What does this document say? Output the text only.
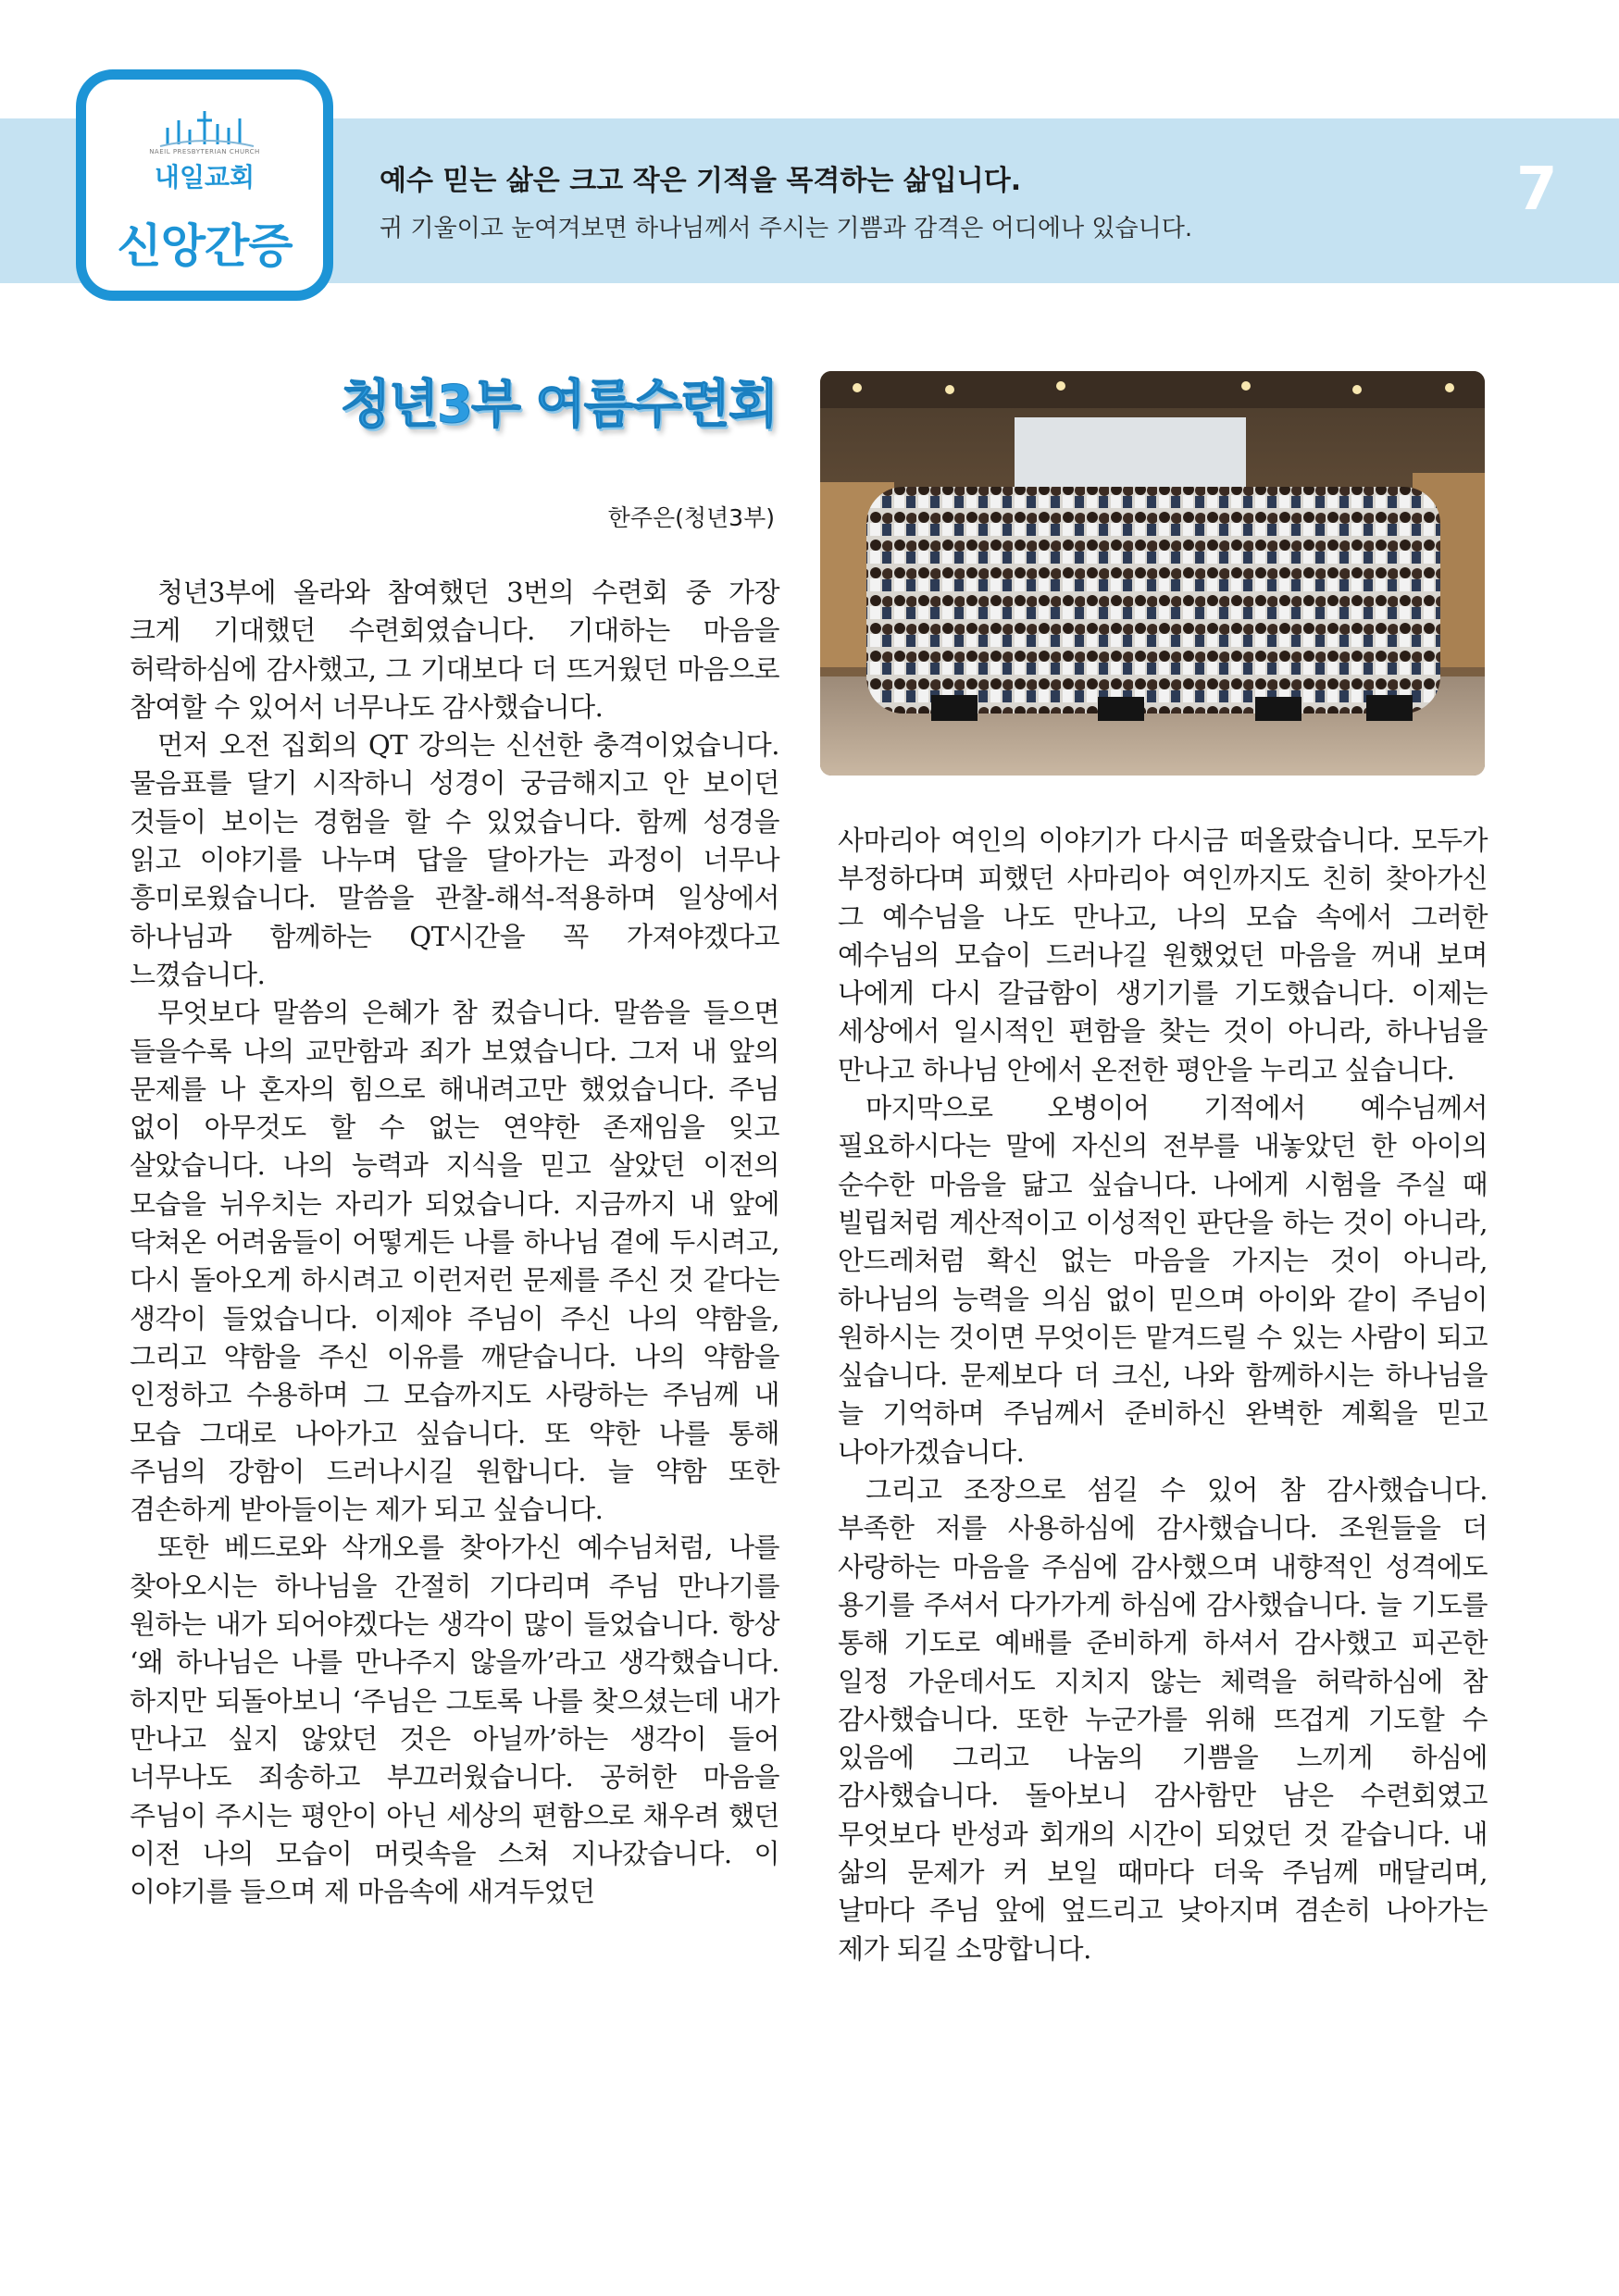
NAEIL PRESBYTERIAN CHURCH
내일교회
신앙간증
예수 믿는 삶은 크고 작은 기적을 목격하는 삶입니다.
귀 기울이고 눈여겨보면 하나님께서 주시는 기쁨과 감격은 어디에나 있습니다.
7
청년3부 여름수련회
한주은(청년3부)

청년3부에 올라와 참여했던 3번의 수련회 중 가장 크게 기대했던 수련회였습니다. 기대하는 마음을 허락하심에 감사했고, 그 기대보다 더 뜨거웠던 마음으로 참여할 수 있어서 너무나도 감사했습니다.

먼저 오전 집회의 QT 강의는 신선한 충격이었습니다. 물음표를 달기 시작하니 성경이 궁금해지고 안 보이던 것들이 보이는 경험을 할 수 있었습니다. 함께 성경을 읽고 이야기를 나누며 답을 달아가는 과정이 너무나 흥미로웠습니다. 말씀을 관찰-해석-적용하며 일상에서 하나님과 함께하는 QT시간을 꼭 가져야겠다고 느꼈습니다.

무엇보다 말씀의 은혜가 참 컸습니다. 말씀을 들으면 들을수록 나의 교만함과 죄가 보였습니다. 그저 내 앞의 문제를 나 혼자의 힘으로 해내려고만 했었습니다. 주님 없이 아무것도 할 수 없는 연약한 존재임을 잊고 살았습니다. 나의 능력과 지식을 믿고 살았던 이전의 모습을 뉘우치는 자리가 되었습니다. 지금까지 내 앞에 닥쳐온 어려움들이 어떻게든 나를 하나님 곁에 두시려고, 다시 돌아오게 하시려고 이런저런 문제를 주신 것 같다는 생각이 들었습니다. 이제야 주님이 주신 나의 약함을, 그리고 약함을 주신 이유를 깨닫습니다. 나의 약함을 인정하고 수용하며 그 모습까지도 사랑하는 주님께 내 모습 그대로 나아가고 싶습니다. 또 약한 나를 통해 주님의 강함이 드러나시길 원합니다. 늘 약함 또한 겸손하게 받아들이는 제가 되고 싶습니다.

또한 베드로와 삭개오를 찾아가신 예수님처럼, 나를 찾아오시는 하나님을 간절히 기다리며 주님 만나기를 원하는 내가 되어야겠다는 생각이 많이 들었습니다. 항상 ‘왜 하나님은 나를 만나주지 않을까’라고 생각했습니다. 하지만 되돌아보니 ‘주님은 그토록 나를 찾으셨는데 내가 만나고 싶지 않았던 것은 아닐까’하는 생각이 들어 너무나도 죄송하고 부끄러웠습니다. 공허한 마음을 주님이 주시는 평안이 아닌 세상의 편함으로 채우려 했던 이전 나의 모습이 머릿속을 스쳐 지나갔습니다. 이 이야기를 들으며 제 마음속에 새겨두었던

사마리아 여인의 이야기가 다시금 떠올랐습니다. 모두가 부정하다며 피했던 사마리아 여인까지도 친히 찾아가신 그 예수님을 나도 만나고, 나의 모습 속에서 그러한 예수님의 모습이 드러나길 원했었던 마음을 꺼내 보며 나에게 다시 갈급함이 생기기를 기도했습니다. 이제는 세상에서 일시적인 편함을 찾는 것이 아니라, 하나님을 만나고 하나님 안에서 온전한 평안을 누리고 싶습니다.

마지막으로 오병이어 기적에서 예수님께서 필요하시다는 말에 자신의 전부를 내놓았던 한 아이의 순수한 마음을 닮고 싶습니다. 나에게 시험을 주실 때 빌립처럼 계산적이고 이성적인 판단을 하는 것이 아니라, 안드레처럼 확신 없는 마음을 가지는 것이 아니라, 하나님의 능력을 의심 없이 믿으며 아이와 같이 주님이 원하시는 것이면 무엇이든 맡겨드릴 수 있는 사람이 되고 싶습니다. 문제보다 더 크신, 나와 함께하시는 하나님을 늘 기억하며 주님께서 준비하신 완벽한 계획을 믿고 나아가겠습니다.

그리고 조장으로 섬길 수 있어 참 감사했습니다. 부족한 저를 사용하심에 감사했습니다. 조원들을 더 사랑하는 마음을 주심에 감사했으며 내향적인 성격에도 용기를 주셔서 다가가게 하심에 감사했습니다. 늘 기도를 통해 기도로 예배를 준비하게 하셔서 감사했고 피곤한 일정 가운데서도 지치지 않는 체력을 허락하심에 참 감사했습니다. 또한 누군가를 위해 뜨겁게 기도할 수 있음에 그리고 나눔의 기쁨을 느끼게 하심에 감사했습니다. 돌아보니 감사함만 남은 수련회였고 무엇보다 반성과 회개의 시간이 되었던 것 같습니다. 내 삶의 문제가 커 보일 때마다 더욱 주님께 매달리며, 날마다 주님 앞에 엎드리고 낮아지며 겸손히 나아가는 제가 되길 소망합니다.
